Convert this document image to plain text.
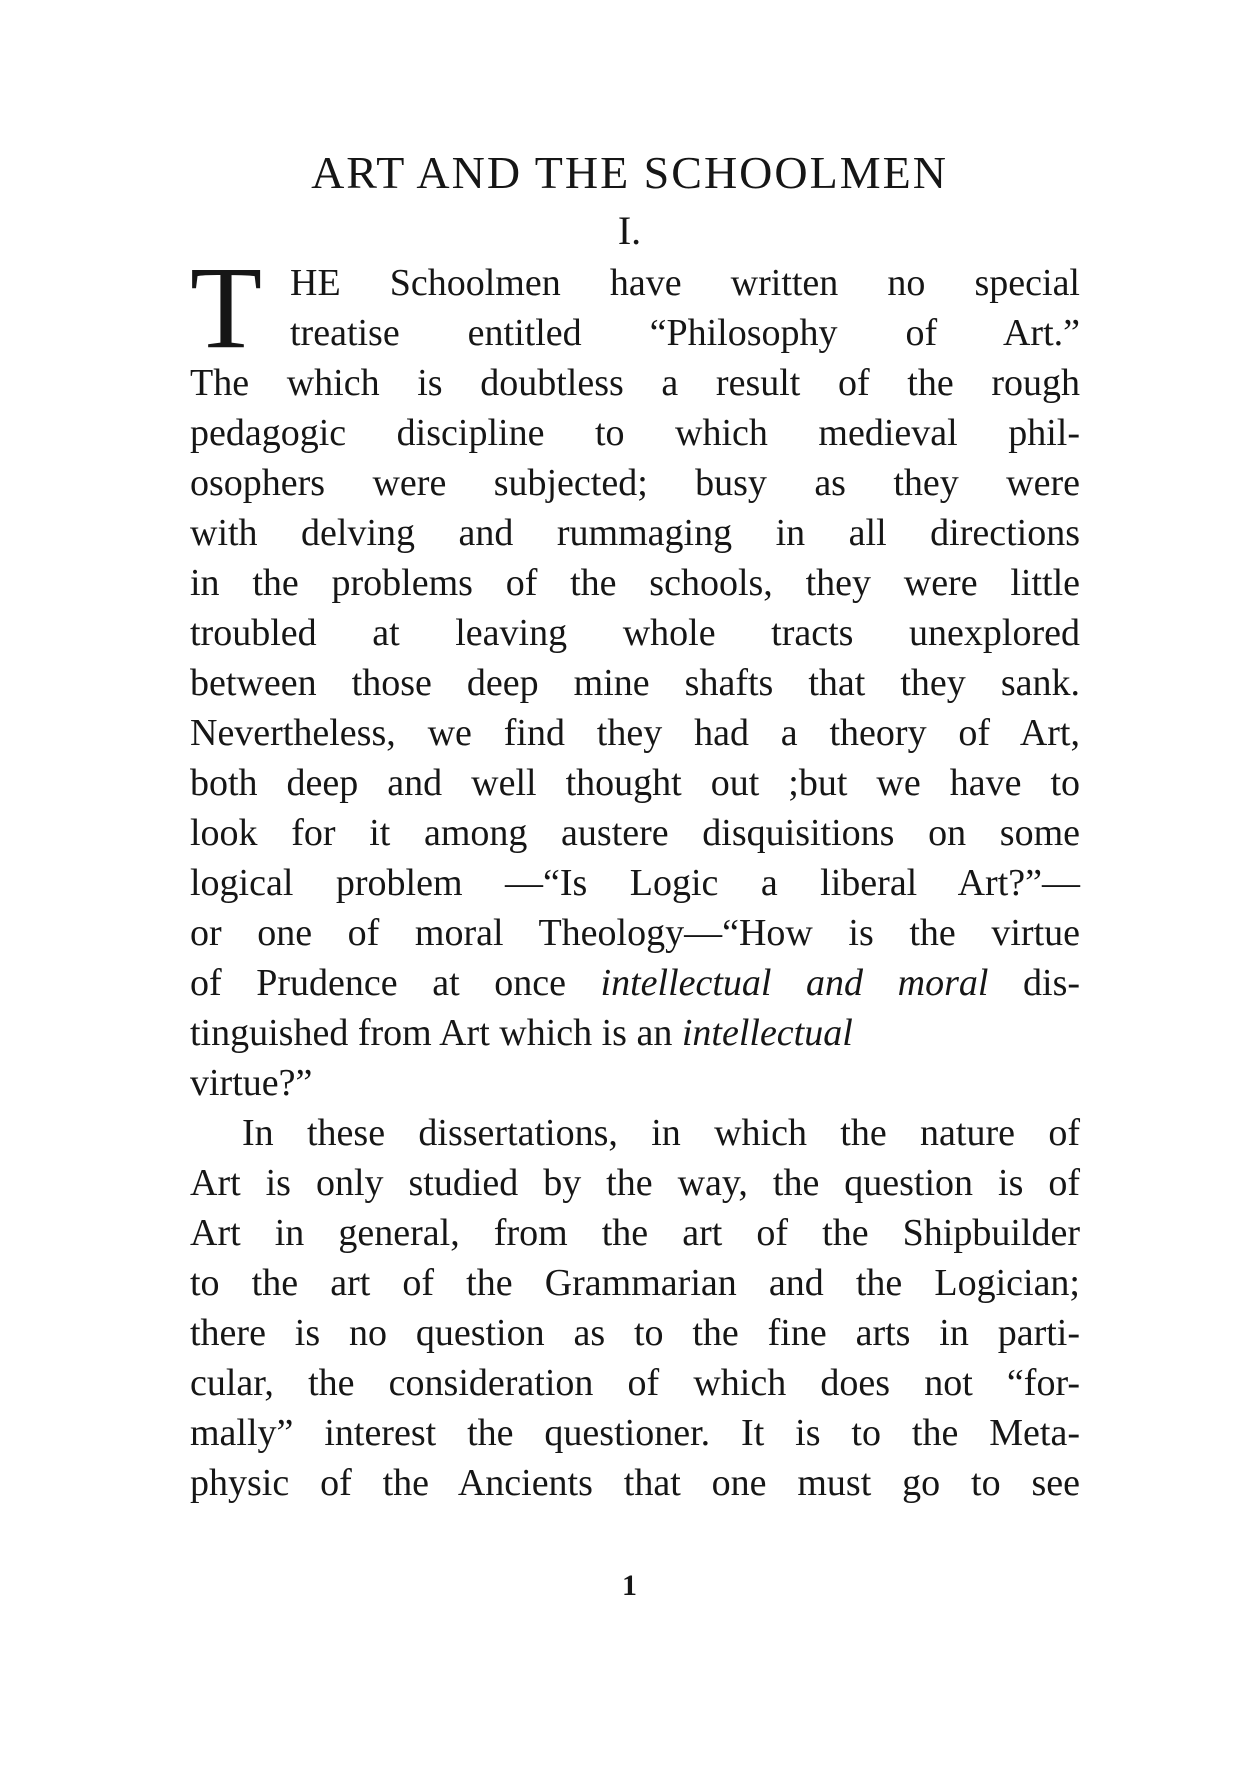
ART AND THE SCHOOLMEN
I.
T HE Schoolmen have written no special
treatise entitled “Philosophy of Art.”
The which is doubtless a result of the rough
pedagogic discipline to which medieval phil-
osophers were subjected; busy as they were
with delving and rummaging in all directions
in the problems of the schools, they were little
troubled at leaving whole tracts unexplored
between those deep mine shafts that they sank.
Nevertheless, we find they had a theory of Art,
both deep and well thought out ;but we have to
look for it among austere disquisitions on some
logical problem —“Is Logic a liberal Art?”—
or one of moral Theology—“How is the virtue
of Prudence at once intellectual and moral dis-
tinguished from Art which is an intellectual
virtue?”
In these dissertations, in which the nature of
Art is only studied by the way, the question is of
Art in general, from the art of the Shipbuilder
to the art of the Grammarian and the Logician;
there is no question as to the fine arts in parti-
cular, the consideration of which does not “for-
mally” interest the questioner. It is to the Meta-
physic of the Ancients that one must go to see
1
